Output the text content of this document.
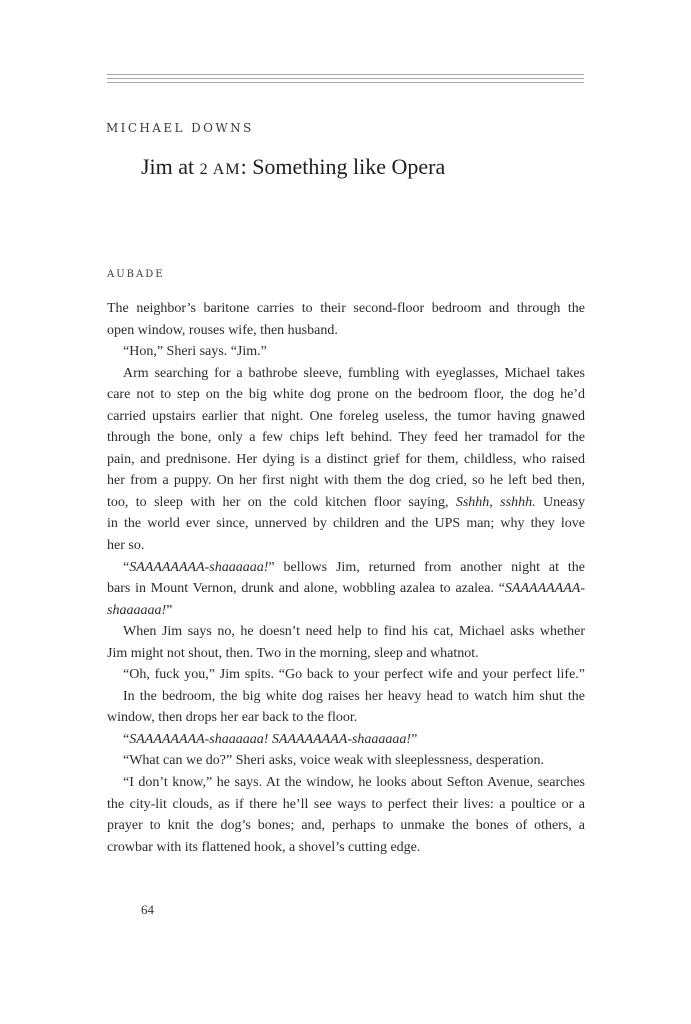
MICHAEL DOWNS
Jim at 2 AM: Something like Opera
AUBADE
The neighbor’s baritone carries to their second-floor bedroom and through the
open window, rouses wife, then husband.
“Hon,” Sheri says. “Jim.”
Arm searching for a bathrobe sleeve, fumbling with eyeglasses, Michael takes
care not to step on the big white dog prone on the bedroom floor, the dog he’d
carried upstairs earlier that night. One foreleg useless, the tumor having gnawed
through the bone, only a few chips left behind. They feed her tramadol for the
pain, and prednisone. Her dying is a distinct grief for them, childless, who raised
her from a puppy. On her first night with them the dog cried, so he left bed then,
too, to sleep with her on the cold kitchen floor saying, Sshhh, sshhh. Uneasy
in the world ever since, unnerved by children and the UPS man; why they love
her so.
“SAAAAAAAA-shaaaaaa!” bellows Jim, returned from another night at the
bars in Mount Vernon, drunk and alone, wobbling azalea to azalea. “SAAAAAAAA-
shaaaaaa!”
When Jim says no, he doesn’t need help to find his cat, Michael asks whether
Jim might not shout, then. Two in the morning, sleep and whatnot.
“Oh, fuck you,” Jim spits. “Go back to your perfect wife and your perfect life.”
In the bedroom, the big white dog raises her heavy head to watch him shut the
window, then drops her ear back to the floor.
“SAAAAAAAA-shaaaaaa! SAAAAAAAA-shaaaaaa!”
“What can we do?” Sheri asks, voice weak with sleeplessness, desperation.
“I don’t know,” he says. At the window, he looks about Sefton Avenue, searches
the city-lit clouds, as if there he’ll see ways to perfect their lives: a poultice or a
prayer to knit the dog’s bones; and, perhaps to unmake the bones of others, a
crowbar with its flattened hook, a shovel’s cutting edge.
64
